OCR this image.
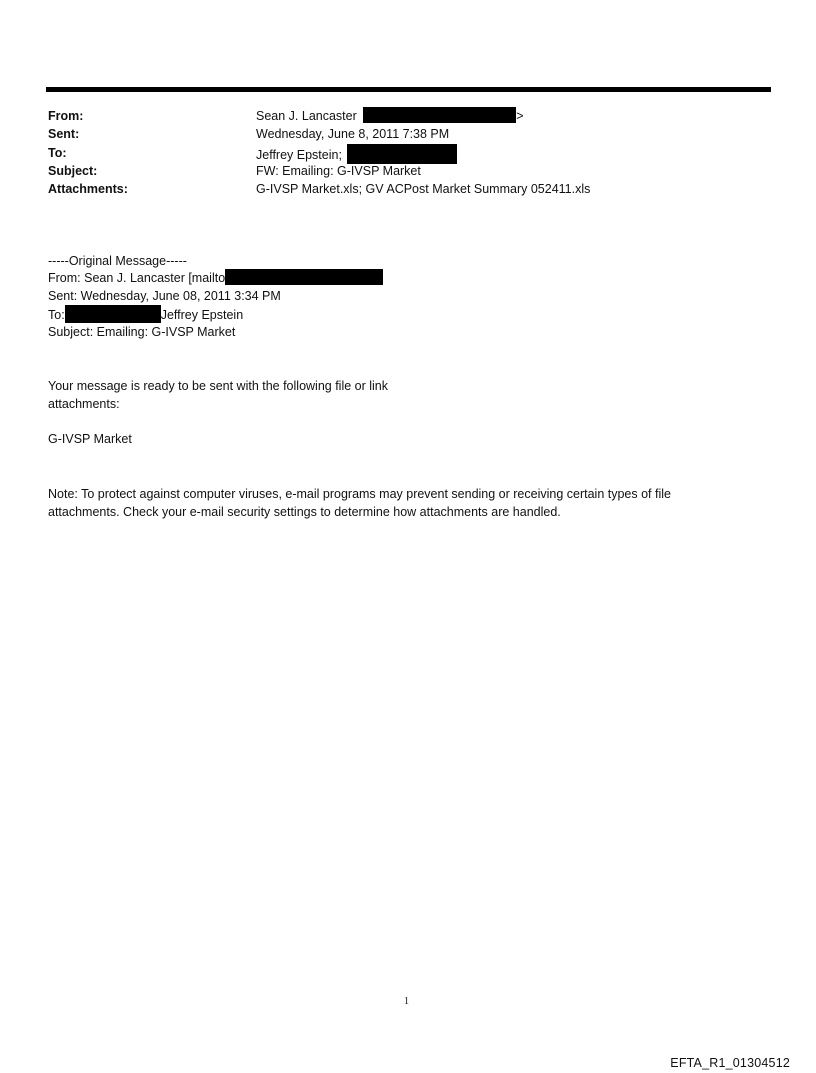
From:	Sean J. Lancaster	>
Sent:	Wednesday, June 8, 2011 7:38 PM
To:	Jeffrey Epstein;
Subject:	FW: Emailing: G-IVSP Market
Attachments:	G-IVSP Market.xls; GV ACPost Market Summary 052411.xls
-----Original Message-----
From: Sean J. Lancaster [mailto
Sent: Wednesday, June 08, 2011 3:34 PM
To:	Jeffrey Epstein
Subject: Emailing: G-IVSP Market
Your message is ready to be sent with the following file or link
attachments:
G-IVSP Market
Note: To protect against computer viruses, e-mail programs may prevent sending or receiving certain types of file attachments. Check your e-mail security settings to determine how attachments are handled.
1
EFTA_R1_01304512
